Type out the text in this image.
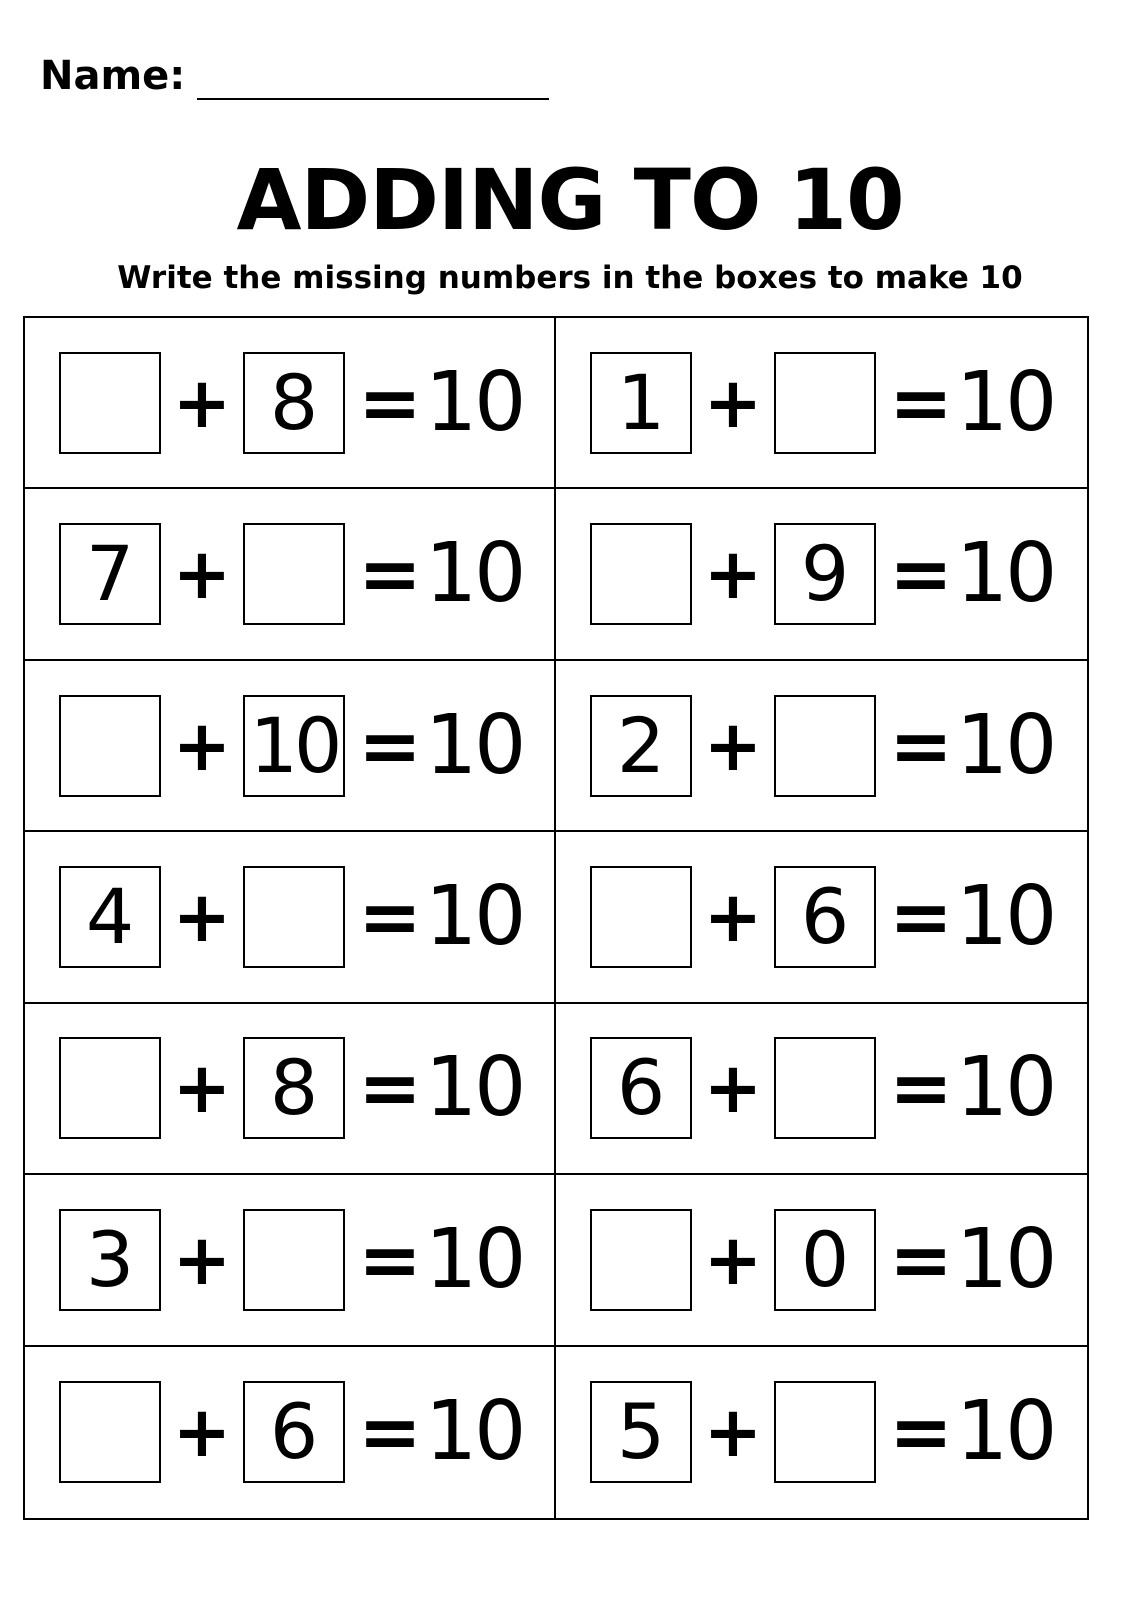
Name:
ADDING TO 10
Write the missing numbers in the boxes to make 10
+ 8 = 10	1 + = 10
7 + = 10	+ 9 = 10
+ 10 = 10	2 + = 10
4 + = 10	+ 6 = 10
+ 8 = 10	6 + = 10
3 + = 10	+ 0 = 10
+ 6 = 10	5 + = 10
